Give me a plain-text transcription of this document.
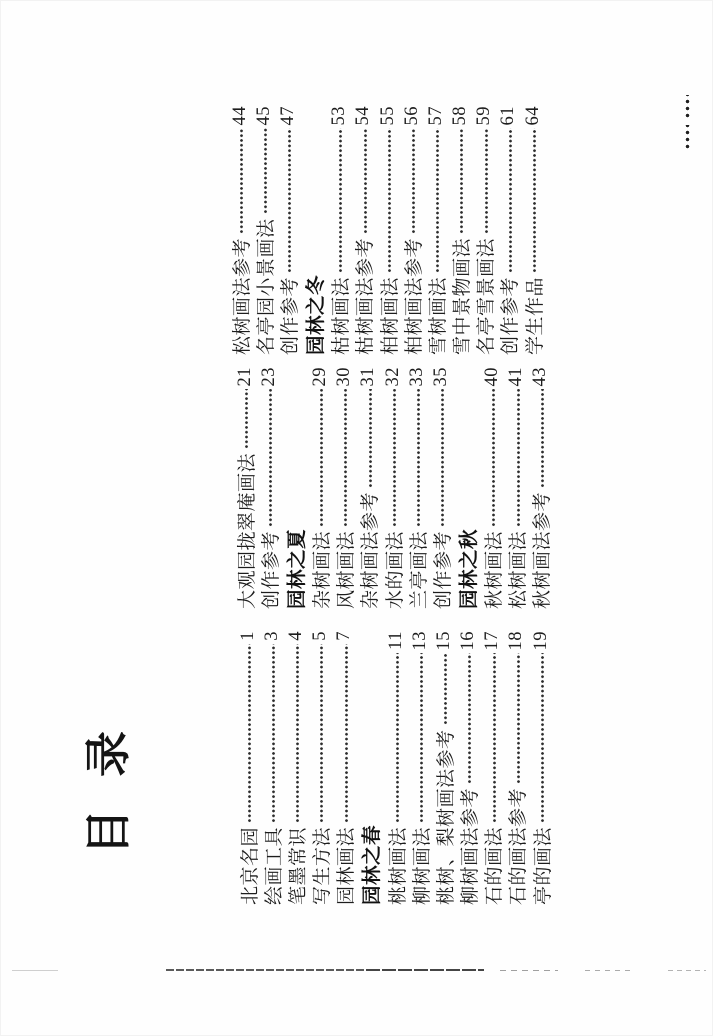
目录
北京名园
1
绘画工具
3
笔墨常识
4
写生方法
5
园林画法
7
园林之春 桃树画法
11
柳树画法
13
桃树、梨树画法参考
15
柳树画法参考
16
石的画法
17
石的画法参考
18
亭的画法
19
大观园拢翠庵画法
21
创作参考
23
园林之夏 杂树画法
29
风树画法
30
杂树画法参考
31
水的画法
32
兰亭画法
33
创作参考
35
园林之秋 秋树画法
40
松树画法
41
秋树画法参考
43
松树画法参考
44
名亭园小景画法
45
创作参考
47
园林之冬 枯树画法
53
枯树画法参考
54
柏树画法
55
柏树画法参考
56
雪树画法
57
雪中景物画法
58
名亭雪景画法
59
创作参考
61
学生作品
64
